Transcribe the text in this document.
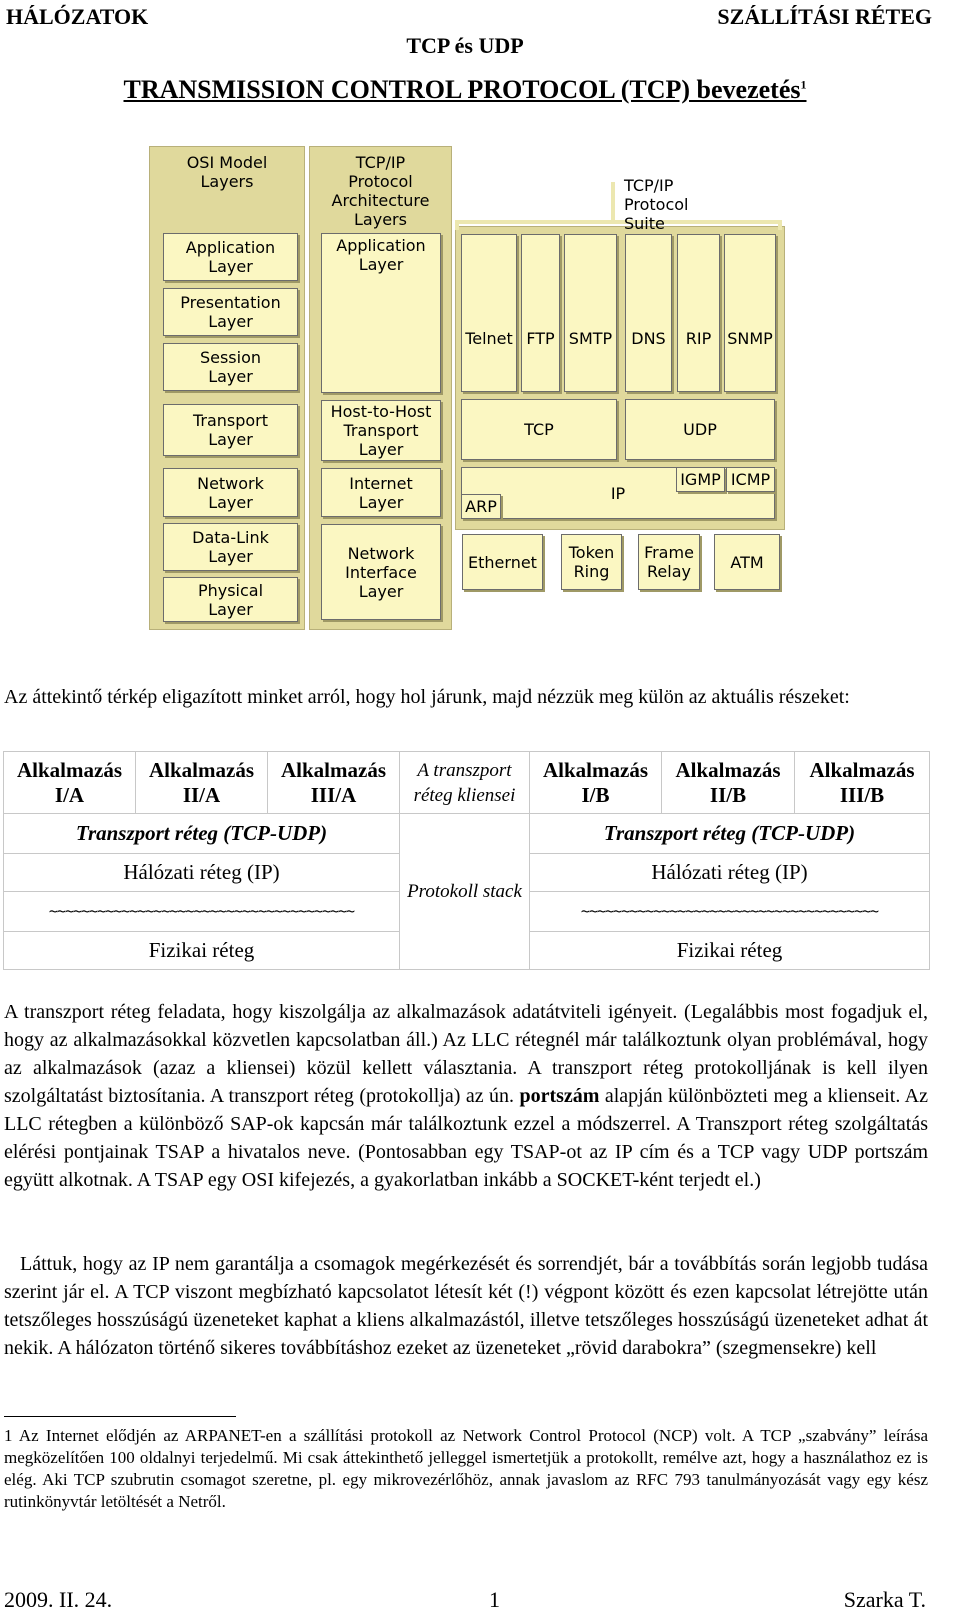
HÁLÓZATOK	SZÁLLÍTÁSI RÉTEG
TCP és UDP
TRANSMISSION CONTROL PROTOCOL (TCP) bevezetés$^1$
OSI Model
Layers
TCP/IP
Protocol
Architecture
Layers
TCP/IP Protocol
Suite
Application
Layer
Presentation
Layer
Session
Layer
Transport
Layer
Network
Layer
Data-Link
Layer
Physical
Layer
Application
Layer
Host-to-Host
Transport
Layer
Internet
Layer
Network
Interface
Layer
Telnet FTP SMTP	DNS	RIP SNMP
TCP	UDP
IP
ARP
IGMP ICMP
Ethernet	Token
Ring
Frame
Relay	ATM
Az áttekintő térkép eligazított minket arról, hogy hol járunk, majd nézzük meg külön az aktuális részeket:
Alkalmazás I/A	Alkalmazás II/A	Alkalmazás III/A	A transzport réteg kliensei	Alkalmazás I/B	Alkalmazás II/B	Alkalmazás III/B
Transzport réteg (TCP-UDP)			Protokoll stack	Transzport réteg (TCP-UDP)		
Hálózati réteg (IP)				Hálózati réteg (IP)		
~~~~~~~~~~~~~~~~~~~~~~~~~~~~~~~~~~~~~~				~~~~~~~~~~~~~~~~~~~~~~~~~~~~~~~~~~~~~		
Fizikai réteg				Fizikai réteg		
A transzport réteg feladata, hogy kiszolgálja az alkalmazások adatátviteli igényeit. (Legalábbis most fogadjuk el, hogy az alkalmazásokkal közvetlen kapcsolatban áll.) Az LLC rétegnél már találkoztunk olyan problémával, hogy az alkalmazások (azaz a kliensei) közül kellett választania. A transzport réteg protokolljának is kell ilyen szolgáltatást biztosítania. A transzport réteg (protokollja) az ún. portszám alapján különbözteti meg a klienseit. Az LLC rétegben a különböző SAP-ok kapcsán már találkoztunk ezzel a módszerrel. A Transzport réteg szolgáltatás elérési pontjainak TSAP a hivatalos neve. (Pontosabban egy TSAP-ot az IP cím és a TCP vagy UDP portszám együtt alkotnak. A TSAP egy OSI kifejezés, a gyakorlatban inkább a SOCKET-ként terjedt el.)
Láttuk, hogy az IP nem garantálja a csomagok megérkezését és sorrendjét, bár a továbbítás során legjobb tudása szerint jár el. A TCP viszont megbízható kapcsolatot létesít két (!) végpont között és ezen kapcsolat létrejötte után tetszőleges hosszúságú üzeneteket kaphat a kliens alkalmazástól, illetve tetszőleges hosszúságú üzeneteket adhat át nekik. A hálózaton történő sikeres továbbításhoz ezeket az üzeneteket „rövid darabokra” (szegmensekre) kell
1 Az Internet elődjén az ARPANET-en a szállítási protokoll az Network Control Protocol (NCP) volt. A TCP „szabvány” leírása megközelítően 100 oldalnyi terjedelmű. Mi csak áttekinthető jelleggel ismertetjük a protokollt, remélve azt, hogy a használathoz ez is elég. Aki TCP szubrutin csomagot szeretne, pl. egy mikrovezérlőhöz, annak javaslom az RFC 793 tanulmányozását vagy egy kész rutinkönyvtár letöltését a Netről.
2009. II. 24.	1	Szarka T.
